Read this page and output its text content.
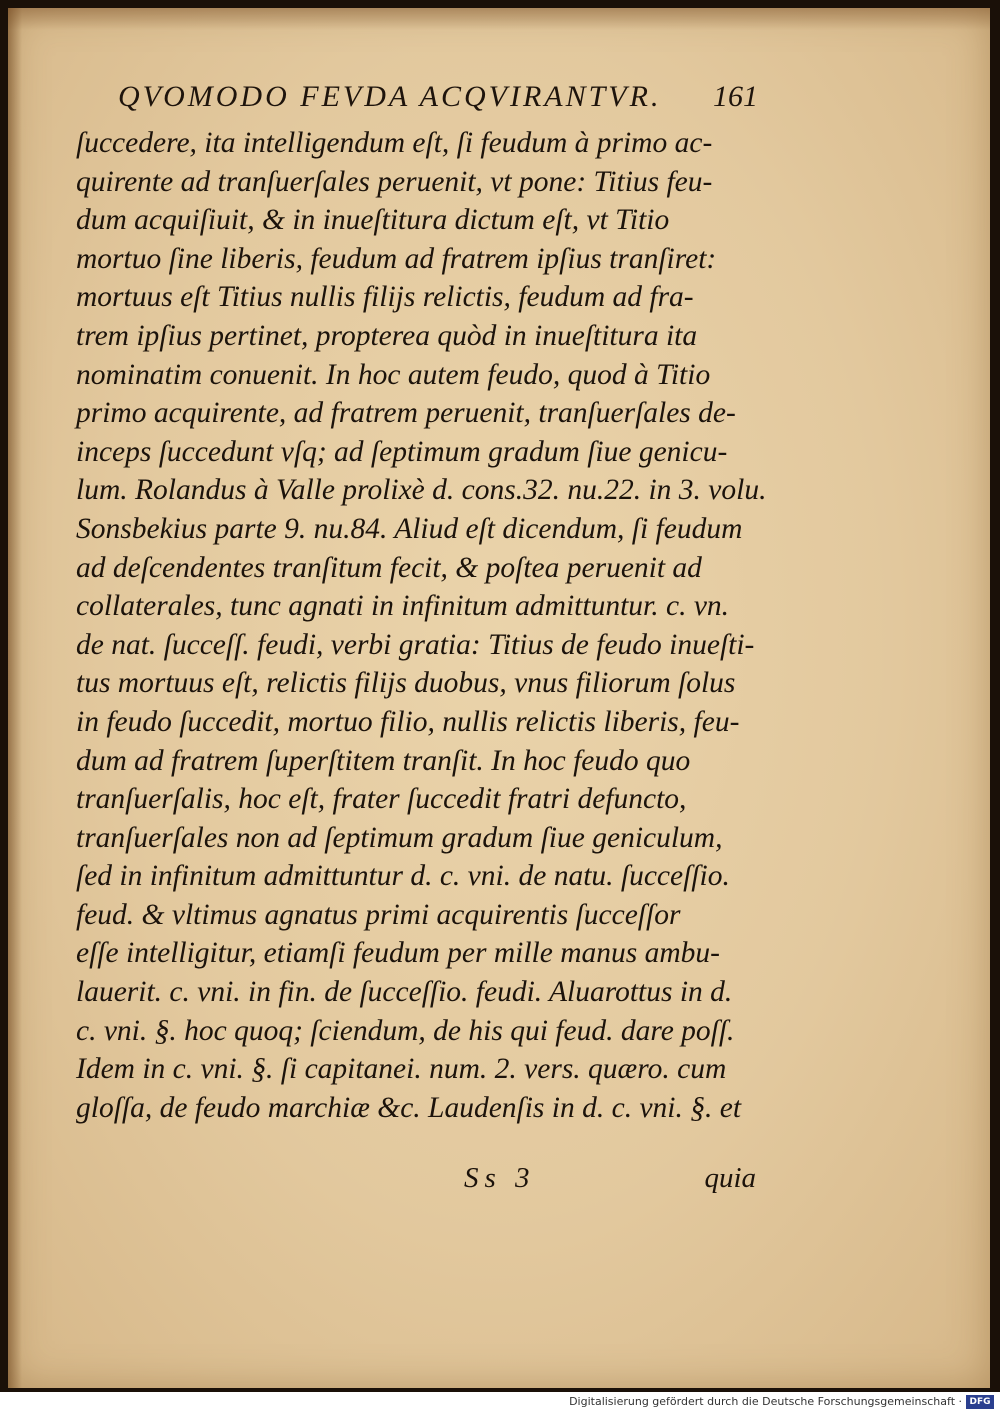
QVOMODO FEVDA ACQVIRANTVR. 161
ſuccedere, ita intelligendum eſt, ſi feudum à primo ac-
quirente ad tranſuerſales peruenit, vt pone: Titius feu-
dum acquiſiuit, & in inueſtitura dictum eſt, vt Titio
mortuo ſine liberis, feudum ad fratrem ipſius tranſiret:
mortuus eſt Titius nullis filijs relictis, feudum ad fra-
trem ipſius pertinet, propterea quòd in inueſtitura ita
nominatim conuenit. In hoc autem feudo, quod à Titio
primo acquirente, ad fratrem peruenit, tranſuerſales de-
inceps ſuccedunt vſq; ad ſeptimum gradum ſiue genicu-
lum. Rolandus à Valle prolixè d. cons.32. nu.22. in 3. volu.
Sonsbekius parte 9. nu.84. Aliud eſt dicendum, ſi feudum
ad deſcendentes tranſitum fecit, & poſtea peruenit ad
collaterales, tunc agnati in infinitum admittuntur. c. vn.
de nat. ſucceſſ. feudi, verbi gratia: Titius de feudo inueſti-
tus mortuus eſt, relictis filijs duobus, vnus filiorum ſolus
in feudo ſuccedit, mortuo filio, nullis relictis liberis, feu-
dum ad fratrem ſuperſtitem tranſit. In hoc feudo quo
tranſuerſalis, hoc eſt, frater ſuccedit fratri defuncto,
tranſuerſales non ad ſeptimum gradum ſiue geniculum,
ſed in infinitum admittuntur d. c. vni. de natu. ſucceſſio.
feud. & vltimus agnatus primi acquirentis ſucceſſor
eſſe intelligitur, etiamſi feudum per mille manus ambu-
lauerit. c. vni. in fin. de ſucceſſio. feudi. Aluarottus in d.
c. vni. §. hoc quoq; ſciendum, de his qui feud. dare poſſ.
Idem in c. vni. §. ſi capitanei. num. 2. vers. quæro. cum
gloſſa, de feudo marchiæ &c. Laudenſis in d. c. vni. §. et
Ss 3	quia
Digitalisierung gefördert durch die Deutsche Forschungsgemeinschaft · DFG
